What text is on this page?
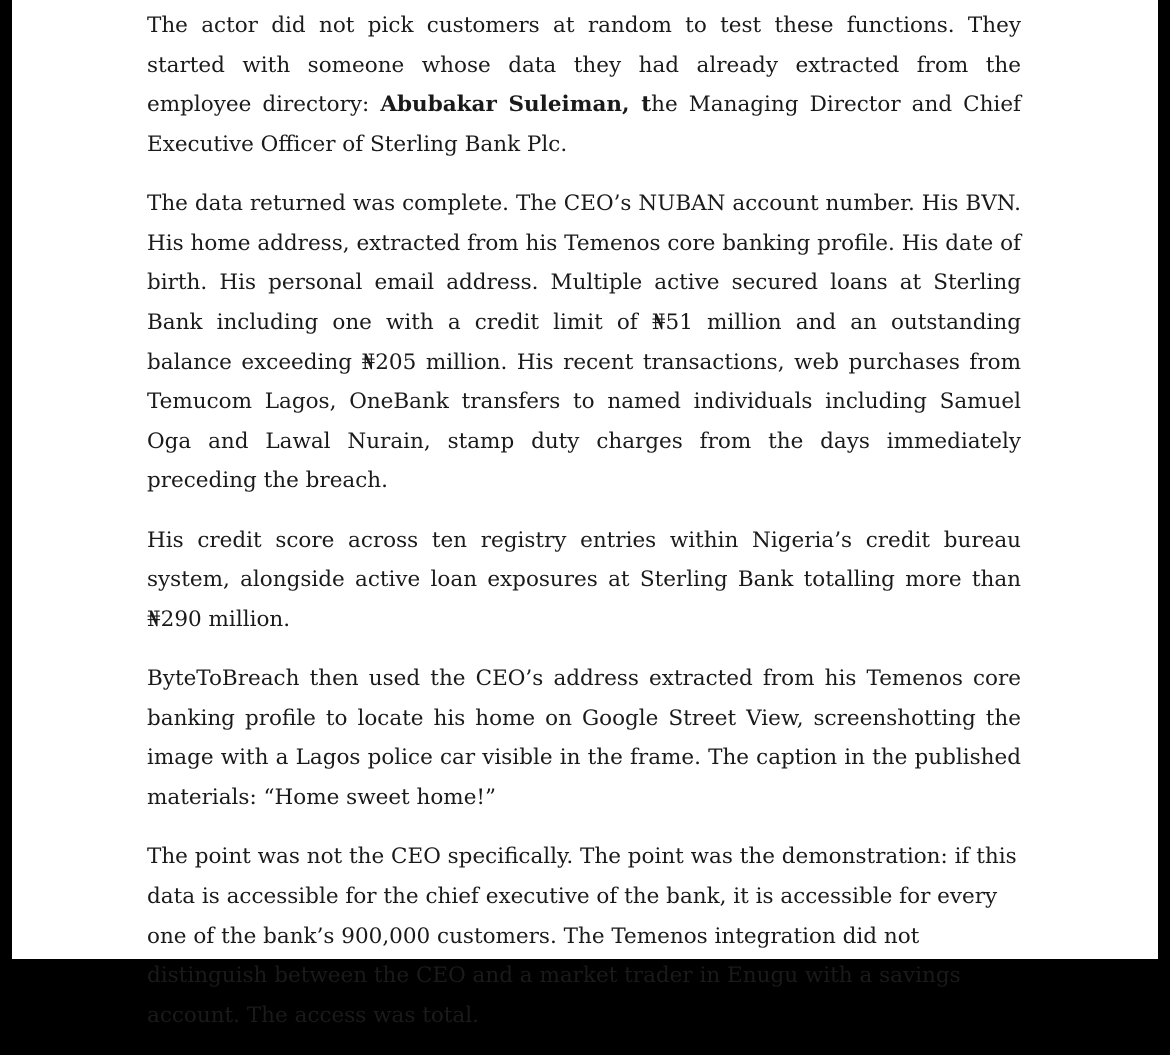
The actor did not pick customers at random to test these functions. They started with someone whose data they had already extracted from the employee directory: Abubakar Suleiman, the Managing Director and Chief Executive Officer of Sterling Bank Plc.

The data returned was complete. The CEO’s NUBAN account number. His BVN. His home address, extracted from his Temenos core banking profile. His date of birth. His personal email address. Multiple active secured loans at Sterling Bank including one with a credit limit of ₦51 million and an outstanding balance exceeding ₦205 million. His recent transactions, web purchases from Temucom Lagos, OneBank transfers to named individuals including Samuel Oga and Lawal Nurain, stamp duty charges from the days immediately preceding the breach.

His credit score across ten registry entries within Nigeria’s credit bureau system, alongside active loan exposures at Sterling Bank totalling more than ₦290 million.

ByteToBreach then used the CEO’s address extracted from his Temenos core banking profile to locate his home on Google Street View, screenshotting the image with a Lagos police car visible in the frame. The caption in the published materials: “Home sweet home!”

The point was not the CEO specifically. The point was the demonstration: if this data is accessible for the chief executive of the bank, it is accessible for every one of the bank’s 900,000 customers. The Temenos integration did not distinguish between the CEO and a market trader in Enugu with a savings account. The access was total.
